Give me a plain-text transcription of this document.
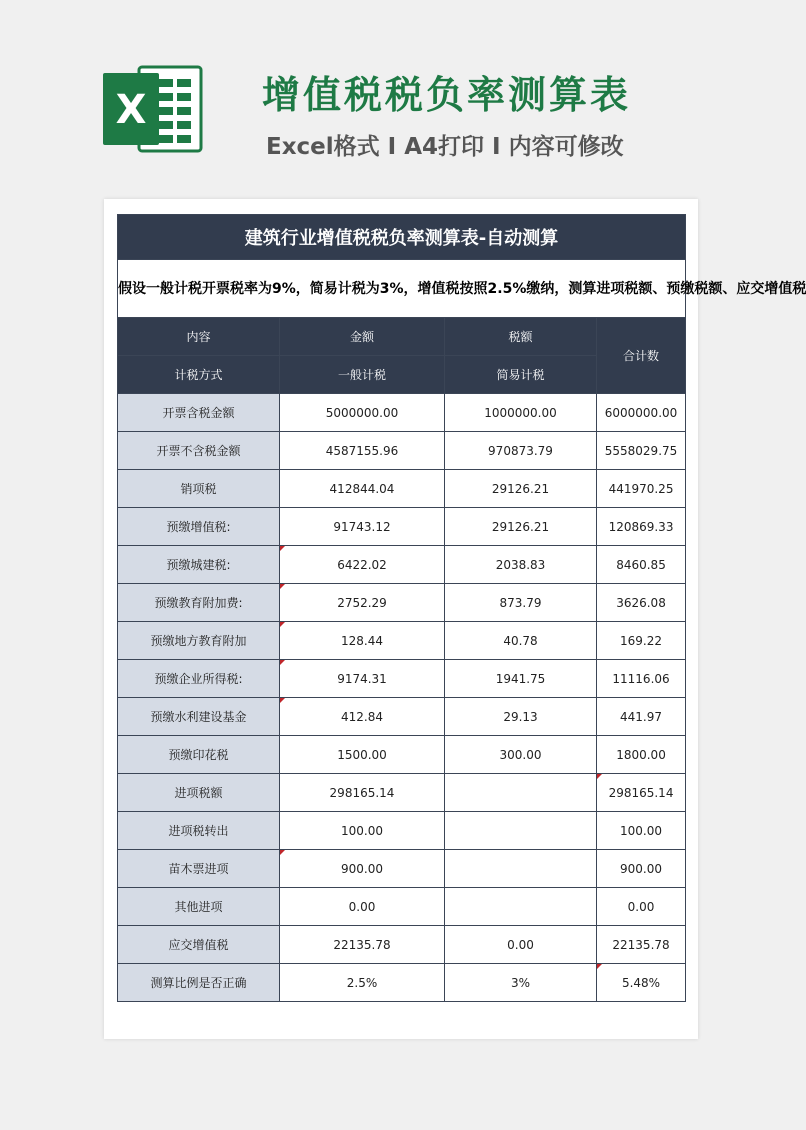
X	增值税税负率测算表
Excel格式 I A4打印 I 内容可修改
建筑行业增值税税负率测算表-自动测算			
假设一般计税开票税率为9%，简易计税为3%，增值税按照2.5%缴纳，测算进项税额、预缴税额、应交增值税			
内容	金额	税额	合计数
计税方式	一般计税	简易计税	
开票含税金额	5000000.00	1000000.00	6000000.00
开票不含税金额	4587155.96	970873.79	5558029.75
销项税	412844.04	29126.21	441970.25
预缴增值税:	91743.12	29126.21	120869.33
预缴城建税:	6422.02	2038.83	8460.85
预缴教育附加费:	2752.29	873.79	3626.08
预缴地方教育附加	128.44	40.78	169.22
预缴企业所得税:	9174.31	1941.75	11116.06
预缴水利建设基金	412.84	29.13	441.97
预缴印花税	1500.00	300.00	1800.00
进项税额	298165.14		298165.14
进项税转出	100.00		100.00
苗木票进项	900.00		900.00
其他进项	0.00		0.00
应交增值税	22135.78	0.00	22135.78
测算比例是否正确	2.5%	3%	5.48%
